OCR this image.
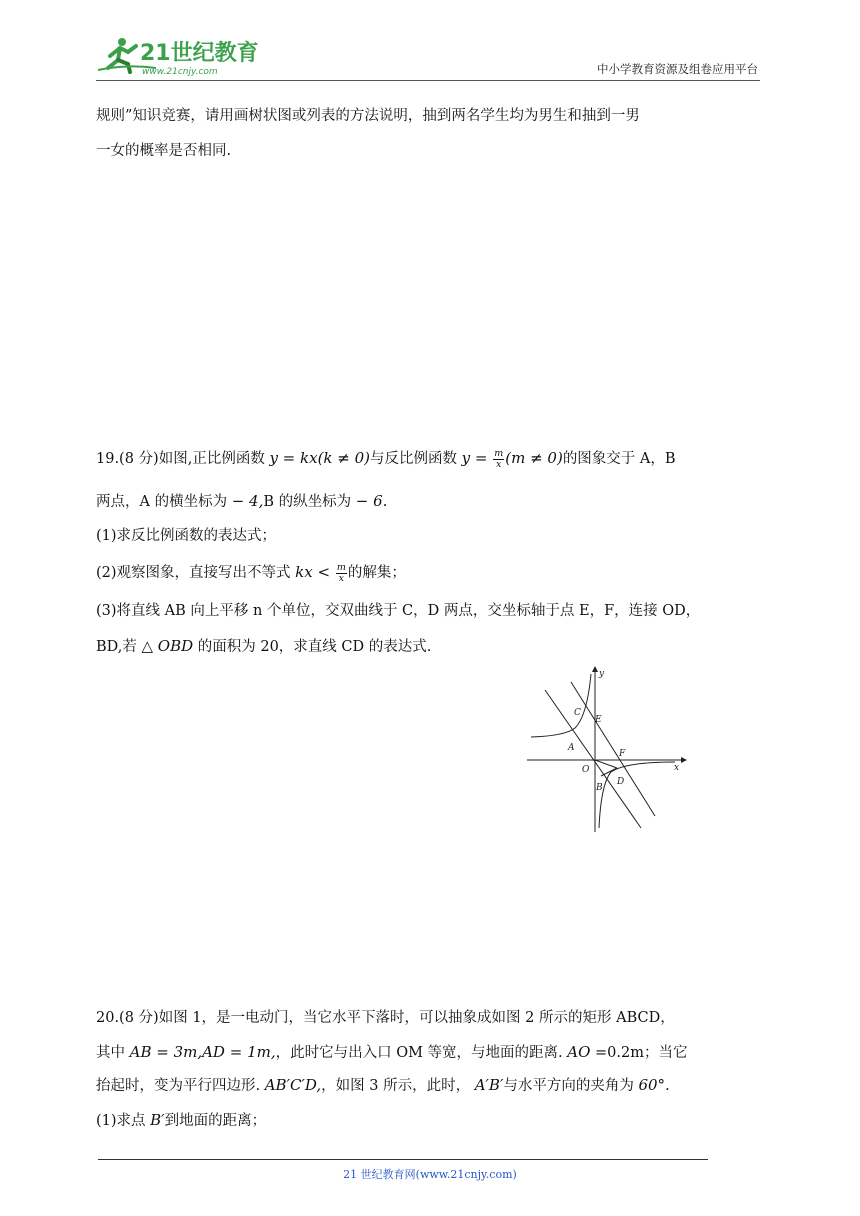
21世纪教育
www.21cnjy.com	中小学教育资源及组卷应用平台
规则”知识竞赛，请用画树状图或列表的方法说明，抽到两名学生均为男生和抽到一男
一女的概率是否相同.
19.(8 分)如图,正比例函数 y = kx(k ≠ 0)与反比例函数 $y = \frac{m}{x} (m \ne 0)$的图象交于 A，B
两点，A 的横坐标为 − 4,B 的纵坐标为 − 6.
(1)求反比例函数的表达式；
(2)观察图象，直接写出不等式 kx < $\frac{m}{x}$ 的解集；
(3)将直线 AB 向上平移 n 个单位，交双曲线于 C，D 两点，交坐标轴于点 E，F，连接 OD，
BD,若 △ OBD 的面积为 20，求直线 CD 的表达式.
y
x
C
E
A
F
O
D
B
20.(8 分)如图 1，是一电动门，当它水平下落时，可以抽象成如图 2 所示的矩形 ABCD，
其中 AB = 3m,AD = 1m,，此时它与出入口 OM 等宽，与地面的距离. AO =0.2m；当它
抬起时，变为平行四边形. AB′C′D,，如图 3 所示，此时， A′B′与水平方向的夹角为 60°.
(1)求点 B′到地面的距离；
21 世纪教育网(www.21cnjy.com)
